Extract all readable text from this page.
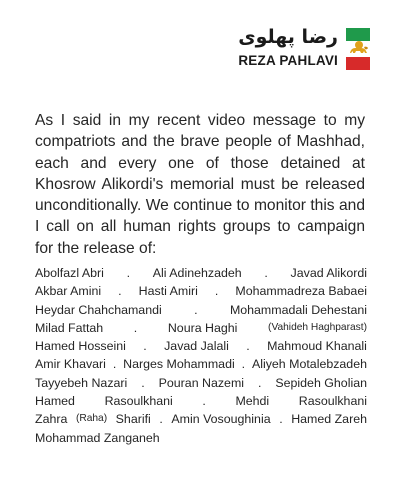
رضا پهلوی
REZA PAHLAVI

As I said in my recent video message to my compatriots and the brave people of Mashhad, each and every one of those detained at Khosrow Alikordi's memorial must be released unconditionally. We continue to monitor this and I call on all human rights groups to campaign for the release of:

Abolfazl Abri . Ali Adinehzadeh . Javad Alikordi
Akbar Amini . Hasti Amiri . Mohammadreza Babaei
Heydar Chahchamandi	.	Mohammadali Dehestani
Milad Fattah . Noura Haghi	(Vahideh Haghparast)
Hamed Hosseini . Javad Jalali . Mahmoud Khanali
Amir Khavari . Narges Mohammadi . Aliyeh Motalebzadeh
Tayyebeh Nazari . Pouran Nazemi . Sepideh Gholian
Hamed Rasoulkhani . Mehdi Rasoulkhani
Zahra (Raha) Sharifi . Amin Vosoughinia . Hamed Zareh
Mohammad Zanganeh
